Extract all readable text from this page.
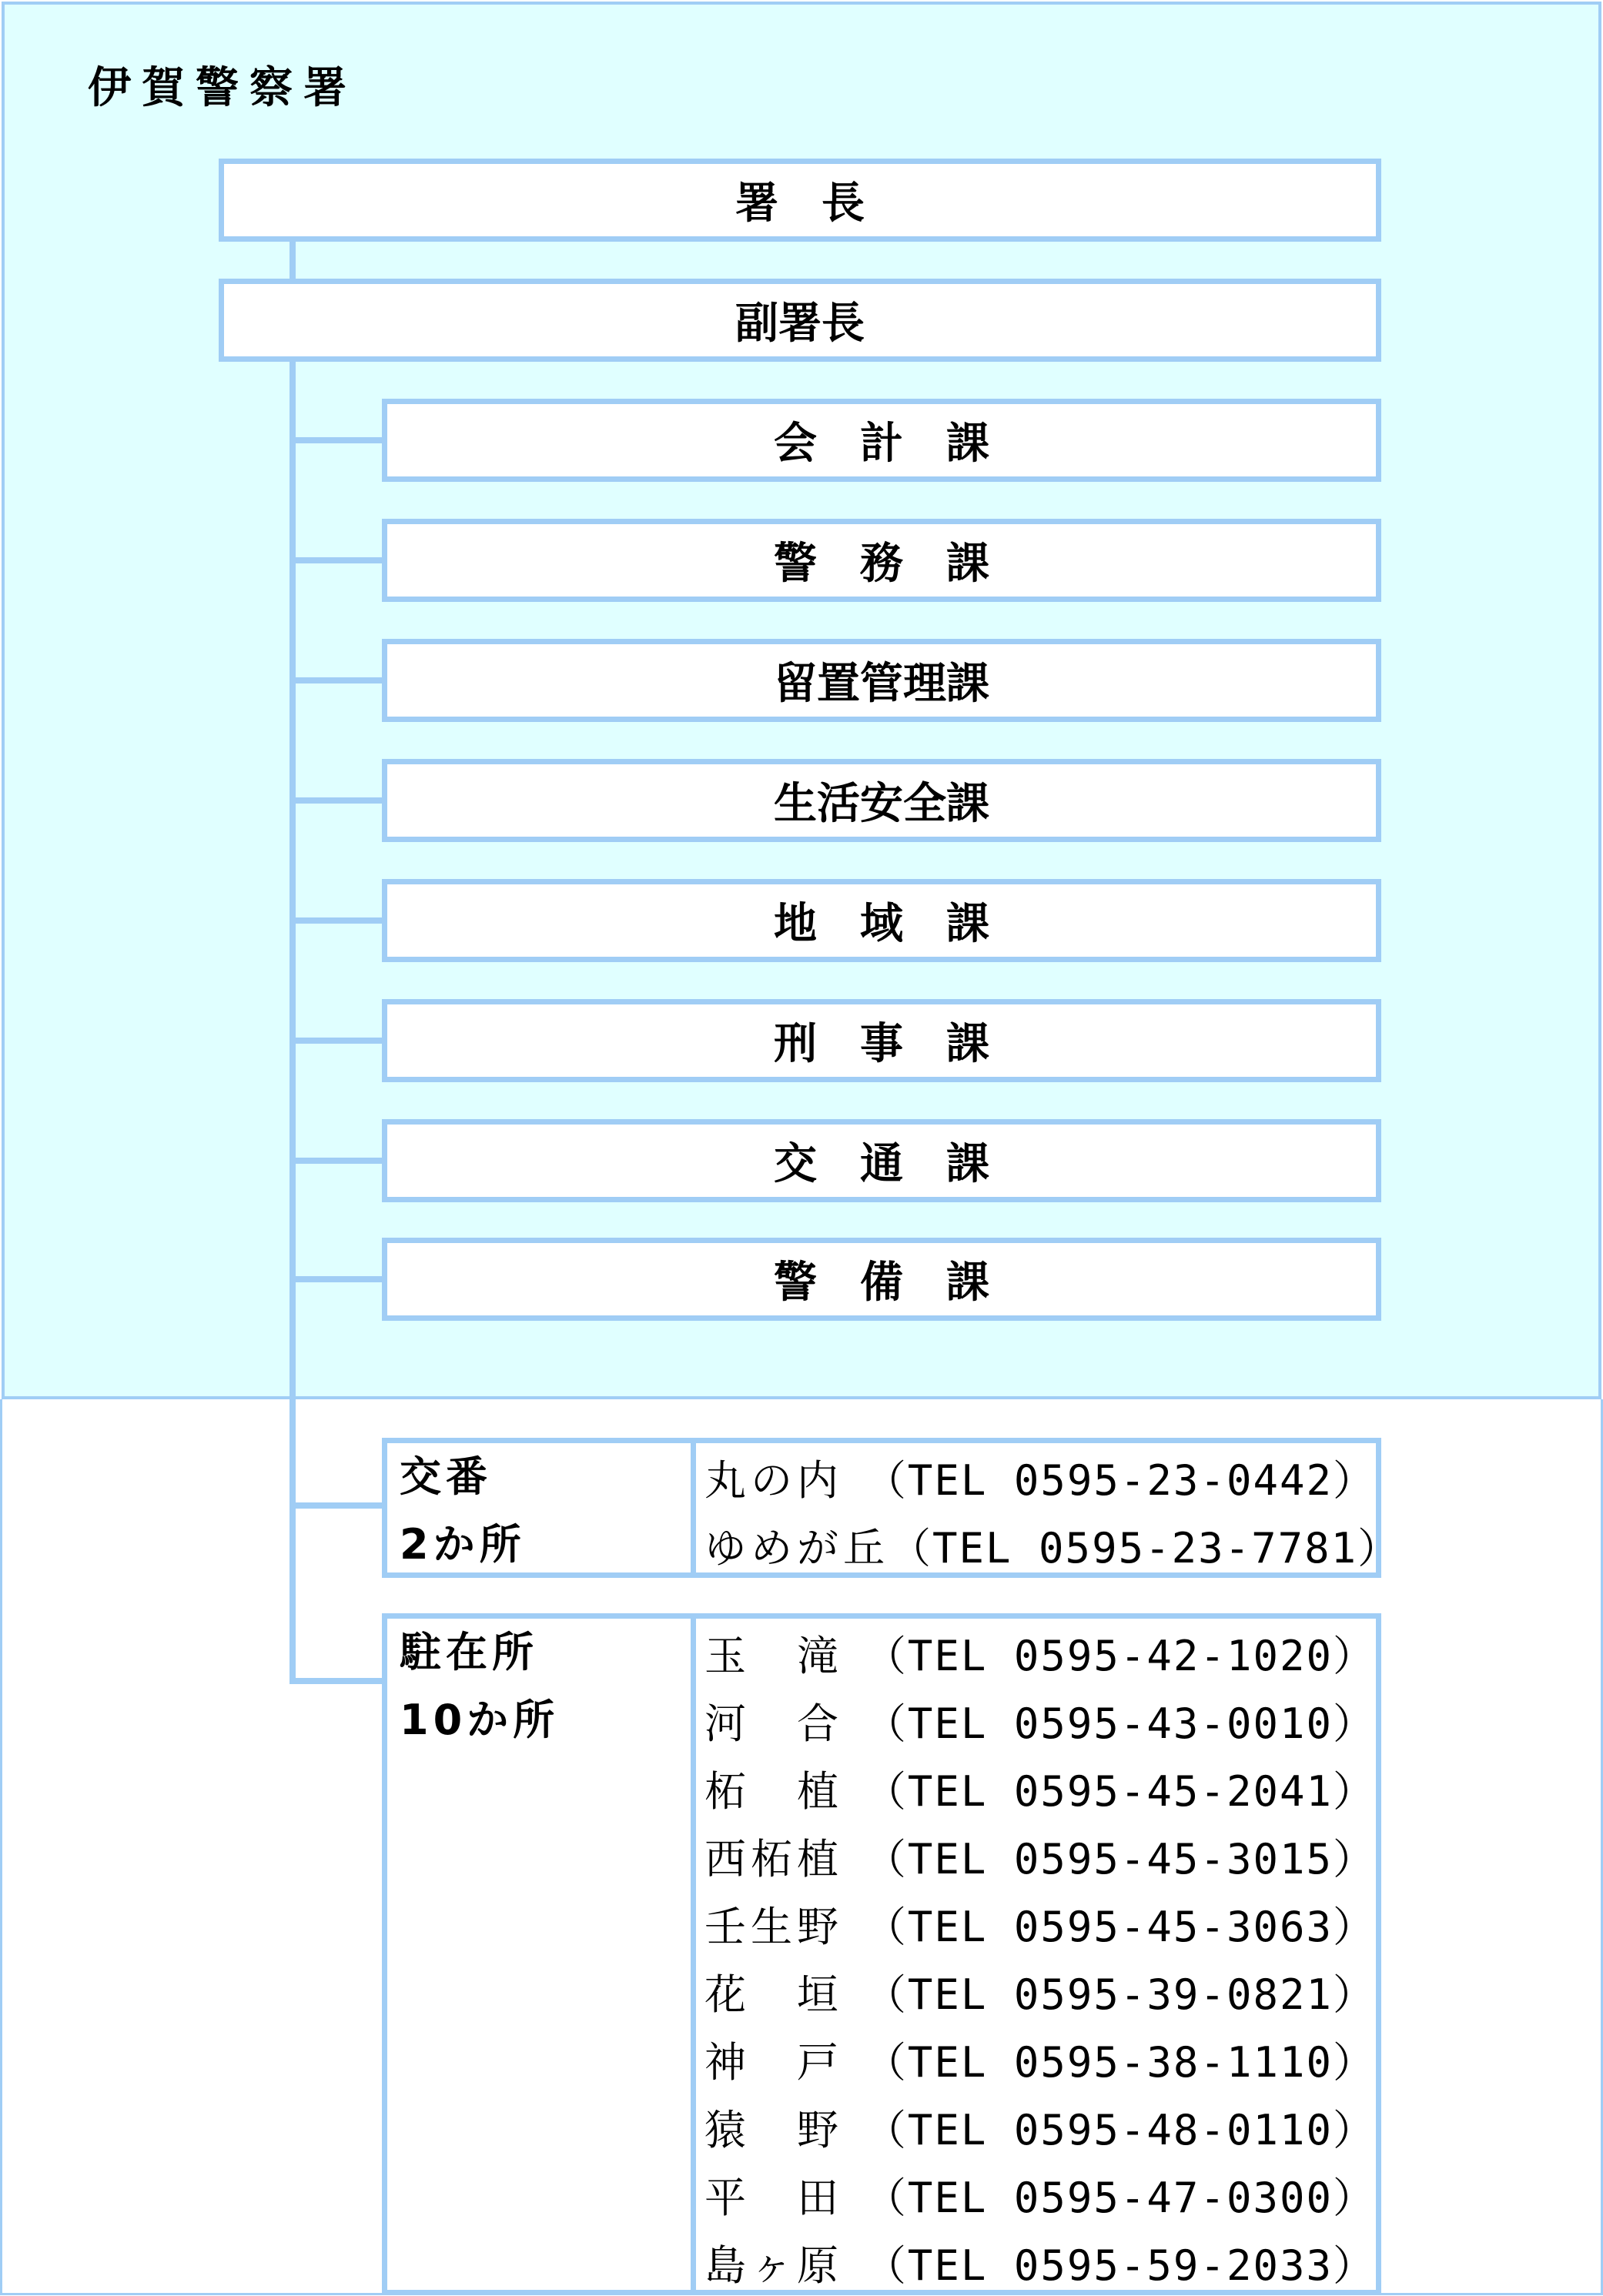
伊賀警察署
署　長
副署長
会　計　課
警　務　課
留置管理課
生活安全課
地　域　課
刑　事　課
交　通　課
警　備　課
交番
2か所
丸の内 （TEL 0595-23-0442）
ゆめが丘 （TEL 0595-23-7781）
駐在所
10か所
玉　滝 （TEL 0595-42-1020）
河　合 （TEL 0595-43-0010）
柘　植 （TEL 0595-45-2041）
西柘植 （TEL 0595-45-3015）
壬生野 （TEL 0595-45-3063）
花　垣 （TEL 0595-39-0821）
神　戸 （TEL 0595-38-1110）
猿　野 （TEL 0595-48-0110）
平　田 （TEL 0595-47-0300）
島ヶ原 （TEL 0595-59-2033）
